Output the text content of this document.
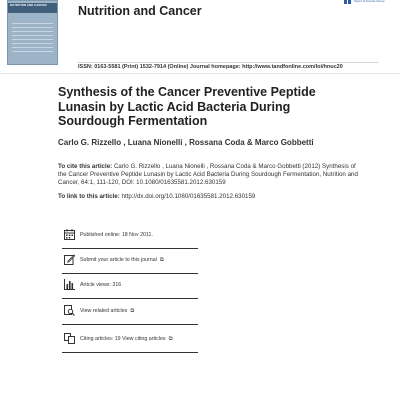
NUTRITION AND CANCER	Nutrition and Cancer
Taylor & Francis Group
ISSN: 0163-5581 (Print) 1532-7914 (Online) Journal homepage: http://www.tandfonline.com/loi/hnuc20
Synthesis of the Cancer Preventive Peptide Lunasin by Lactic Acid Bacteria During Sourdough Fermentation
Carlo G. Rizzello , Luana Nionelli , Rossana Coda & Marco Gobbetti
To cite this article: Carlo G. Rizzello , Luana Nionelli , Rossana Coda & Marco Gobbetti (2012) Synthesis of the Cancer Preventive Peptide Lunasin by Lactic Acid Bacteria During Sourdough Fermentation, Nutrition and Cancer, 64:1, 111-120, DOI: 10.1080/01635581.2012.630159
To link to this article: http://dx.doi.org/10.1080/01635581.2012.630159
Published online: 18 Nov 2011.
Submit your article to this journal ⧉
Article views: 316
View related articles ⧉
Citing articles: 19 View citing articles ⧉
